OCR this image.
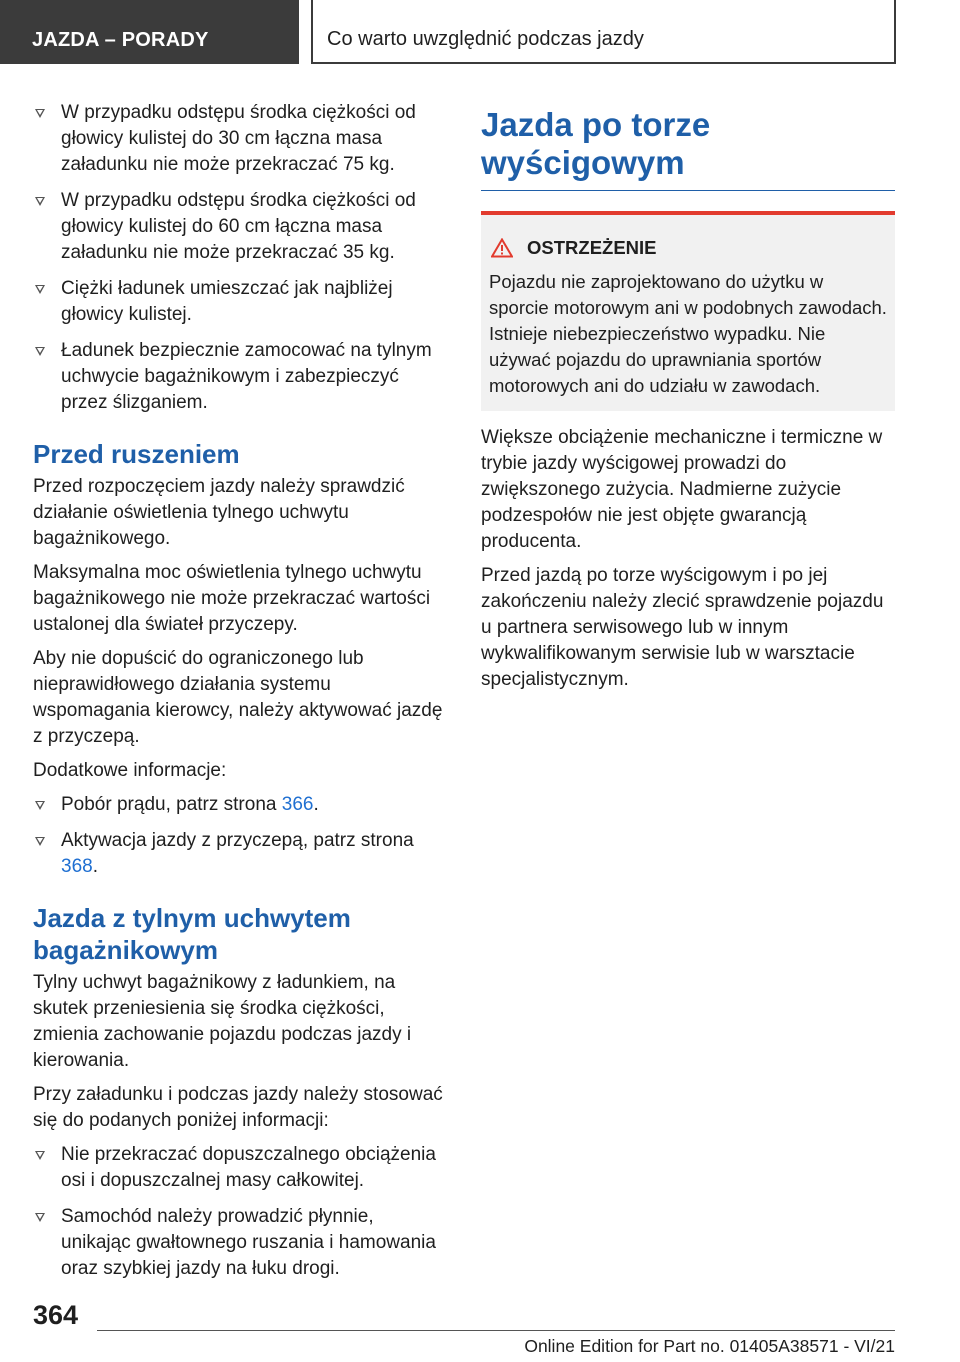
JAZDA – PORADY	Co warto uwzględnić podczas jazdy
W przypadku odstępu środka ciężkości od głowicy kulistej do 30 cm łączna masa załadunku nie może przekraczać 75 kg.
W przypadku odstępu środka ciężkości od głowicy kulistej do 60 cm łączna masa załadunku nie może przekraczać 35 kg.
Ciężki ładunek umieszczać jak najbliżej głowicy kulistej.
Ładunek bezpiecznie zamocować na tylnym uchwycie bagażnikowym i zabezpieczyć przez ślizganiem.
Przed ruszeniem

Przed rozpoczęciem jazdy należy sprawdzić działanie oświetlenia tylnego uchwytu bagażnikowego.

Maksymalna moc oświetlenia tylnego uchwytu bagażnikowego nie może przekraczać wartości ustalonej dla świateł przyczepy.

Aby nie dopuścić do ograniczonego lub nieprawidłowego działania systemu wspomagania kierowcy, należy aktywować jazdę z przyczepą.

Dodatkowe informacje:

Pobór prądu, patrz strona 366.
Aktywacja jazdy z przyczepą, patrz strona 368.
Jazda z tylnym uchwytem bagażnikowym

Tylny uchwyt bagażnikowy z ładunkiem, na skutek przeniesienia się środka ciężkości, zmienia zachowanie pojazdu podczas jazdy i kierowania.

Przy załadunku i podczas jazdy należy stosować się do podanych poniżej informacji:

Nie przekraczać dopuszczalnego obciążenia osi i dopuszczalnej masy całkowitej.
Samochód należy prowadzić płynnie, unikając gwałtownego ruszania i hamowania oraz szybkiej jazdy na łuku drogi.
Jazda po torze wyścigowym
OSTRZEŻENIE

Pojazdu nie zaprojektowano do użytku w sporcie motorowym ani w podobnych zawodach. Istnieje niebezpieczeństwo wypadku. Nie używać pojazdu do uprawniania sportów motorowych ani do udziału w zawodach.

Większe obciążenie mechaniczne i termiczne w trybie jazdy wyścigowej prowadzi do zwiększonego zużycia. Nadmierne zużycie podzespołów nie jest objęte gwarancją producenta.

Przed jazdą po torze wyścigowym i po jej zakończeniu należy zlecić sprawdzenie pojazdu u partnera serwisowego lub w innym wykwalifikowanym serwisie lub w warsztacie specjalistycznym.

364
Online Edition for Part no. 01405A38571 - VI/21
